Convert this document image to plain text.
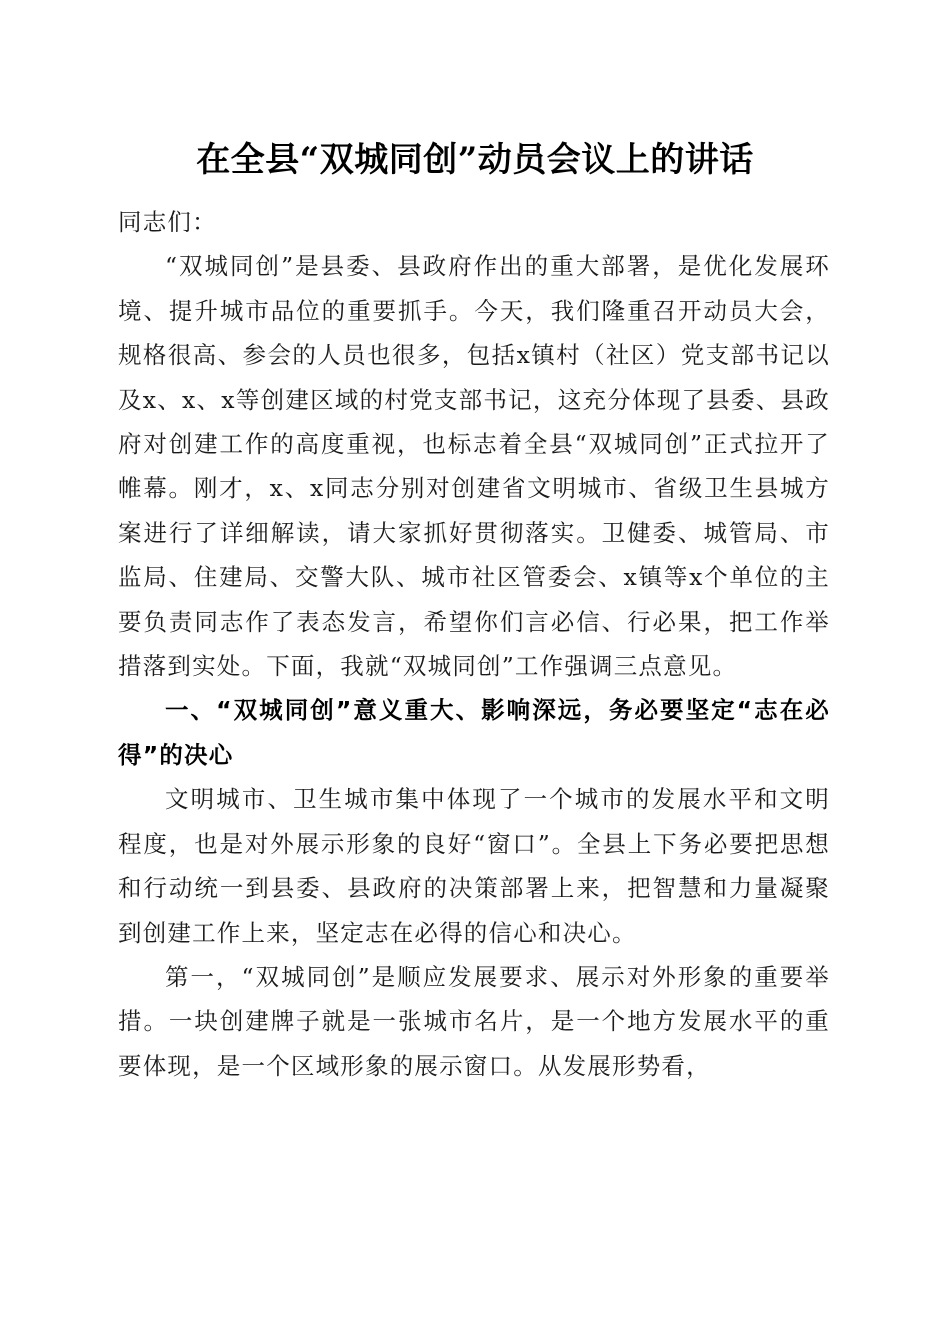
在全县“双城同创”动员会议上的讲话

同志们：

“双城同创”是县委、县政府作出的重大部署，是优化发展环境、提升城市品位的重要抓手。今天，我们隆重召开动员大会，规格很高、参会的人员也很多，包括x镇村（社区）党支部书记以及x、x、x等创建区域的村党支部书记，这充分体现了县委、县政府对创建工作的高度重视，也标志着全县“双城同创”正式拉开了帷幕。刚才，x、x同志分别对创建省文明城市、省级卫生县城方案进行了详细解读，请大家抓好贯彻落实。卫健委、城管局、市监局、住建局、交警大队、城市社区管委会、x镇等x个单位的主要负责同志作了表态发言，希望你们言必信、行必果，把工作举措落到实处。下面，我就“双城同创”工作强调三点意见。

一、“双城同创”意义重大、影响深远，务必要坚定“志在必得”的决心

文明城市、卫生城市集中体现了一个城市的发展水平和文明程度，也是对外展示形象的良好“窗口”。全县上下务必要把思想和行动统一到县委、县政府的决策部署上来，把智慧和力量凝聚到创建工作上来，坚定志在必得的信心和决心。

第一，“双城同创”是顺应发展要求、展示对外形象的重要举措。一块创建牌子就是一张城市名片，是一个地方发展水平的重要体现，是一个区域形象的展示窗口。从发展形势看，
